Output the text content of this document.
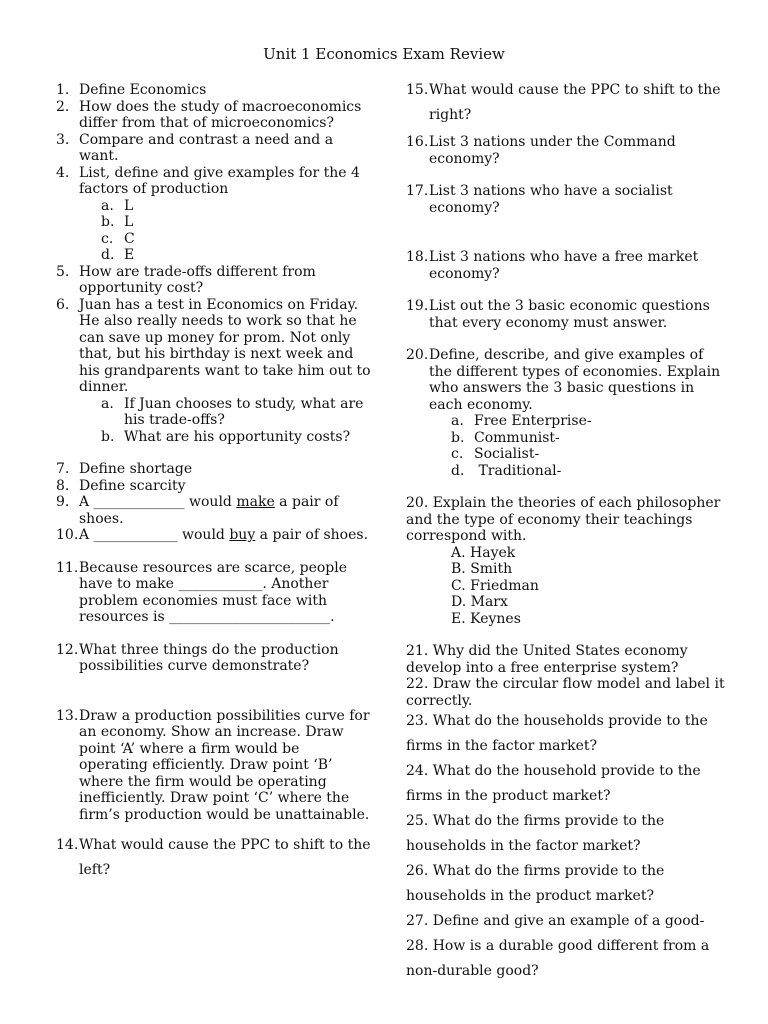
Unit 1 Economics Exam Review
1. Define Economics
2. How does the study of macroeconomics differ from that of microeconomics?
3. Compare and contrast a need and a want.
4. List, define and give examples for the 4 factors of production
a. L
b. L
c. C
d. E
5. How are trade-offs different from opportunity cost?
6. Juan has a test in Economics on Friday. He also really needs to work so that he can save up money for prom. Not only that, but his birthday is next week and his grandparents want to take him out to dinner.
a. If Juan chooses to study, what are his trade-offs?
b. What are his opportunity costs?
7. Define shortage
8. Define scarcity
9. A _____________ would make a pair of shoes.
10. A ____________ would buy a pair of shoes.
11. Because resources are scarce, people have to make ____________. Another problem economies must face with resources is _______________________.
12. What three things do the production possibilities curve demonstrate?
13. Draw a production possibilities curve for an economy. Show an increase. Draw point ‘A’ where a firm would be operating efficiently. Draw point ‘B’ where the firm would be operating inefficiently. Draw point ‘C’ where the firm’s production would be unattainable.
14. What would cause the PPC to shift to the left?
15. What would cause the PPC to shift to the right?
16. List 3 nations under the Command economy?
17. List 3 nations who have a socialist economy?
18. List 3 nations who have a free market economy?
19. List out the 3 basic economic questions that every economy must answer.
20. Define, describe, and give examples of the different types of economies. Explain who answers the 3 basic questions in each economy.
a. Free Enterprise-
b. Communist-
c. Socialist-
d. Traditional-
20. Explain the theories of each philosopher and the type of economy their teachings correspond with.
A. Hayek
B. Smith
C. Friedman
D. Marx
E. Keynes
21. Why did the United States economy develop into a free enterprise system?
22. Draw the circular flow model and label it correctly.
23. What do the households provide to the firms in the factor market?
24. What do the household provide to the firms in the product market?
25. What do the firms provide to the households in the factor market?
26. What do the firms provide to the households in the product market?
27. Define and give an example of a good-
28. How is a durable good different from a non-durable good?
